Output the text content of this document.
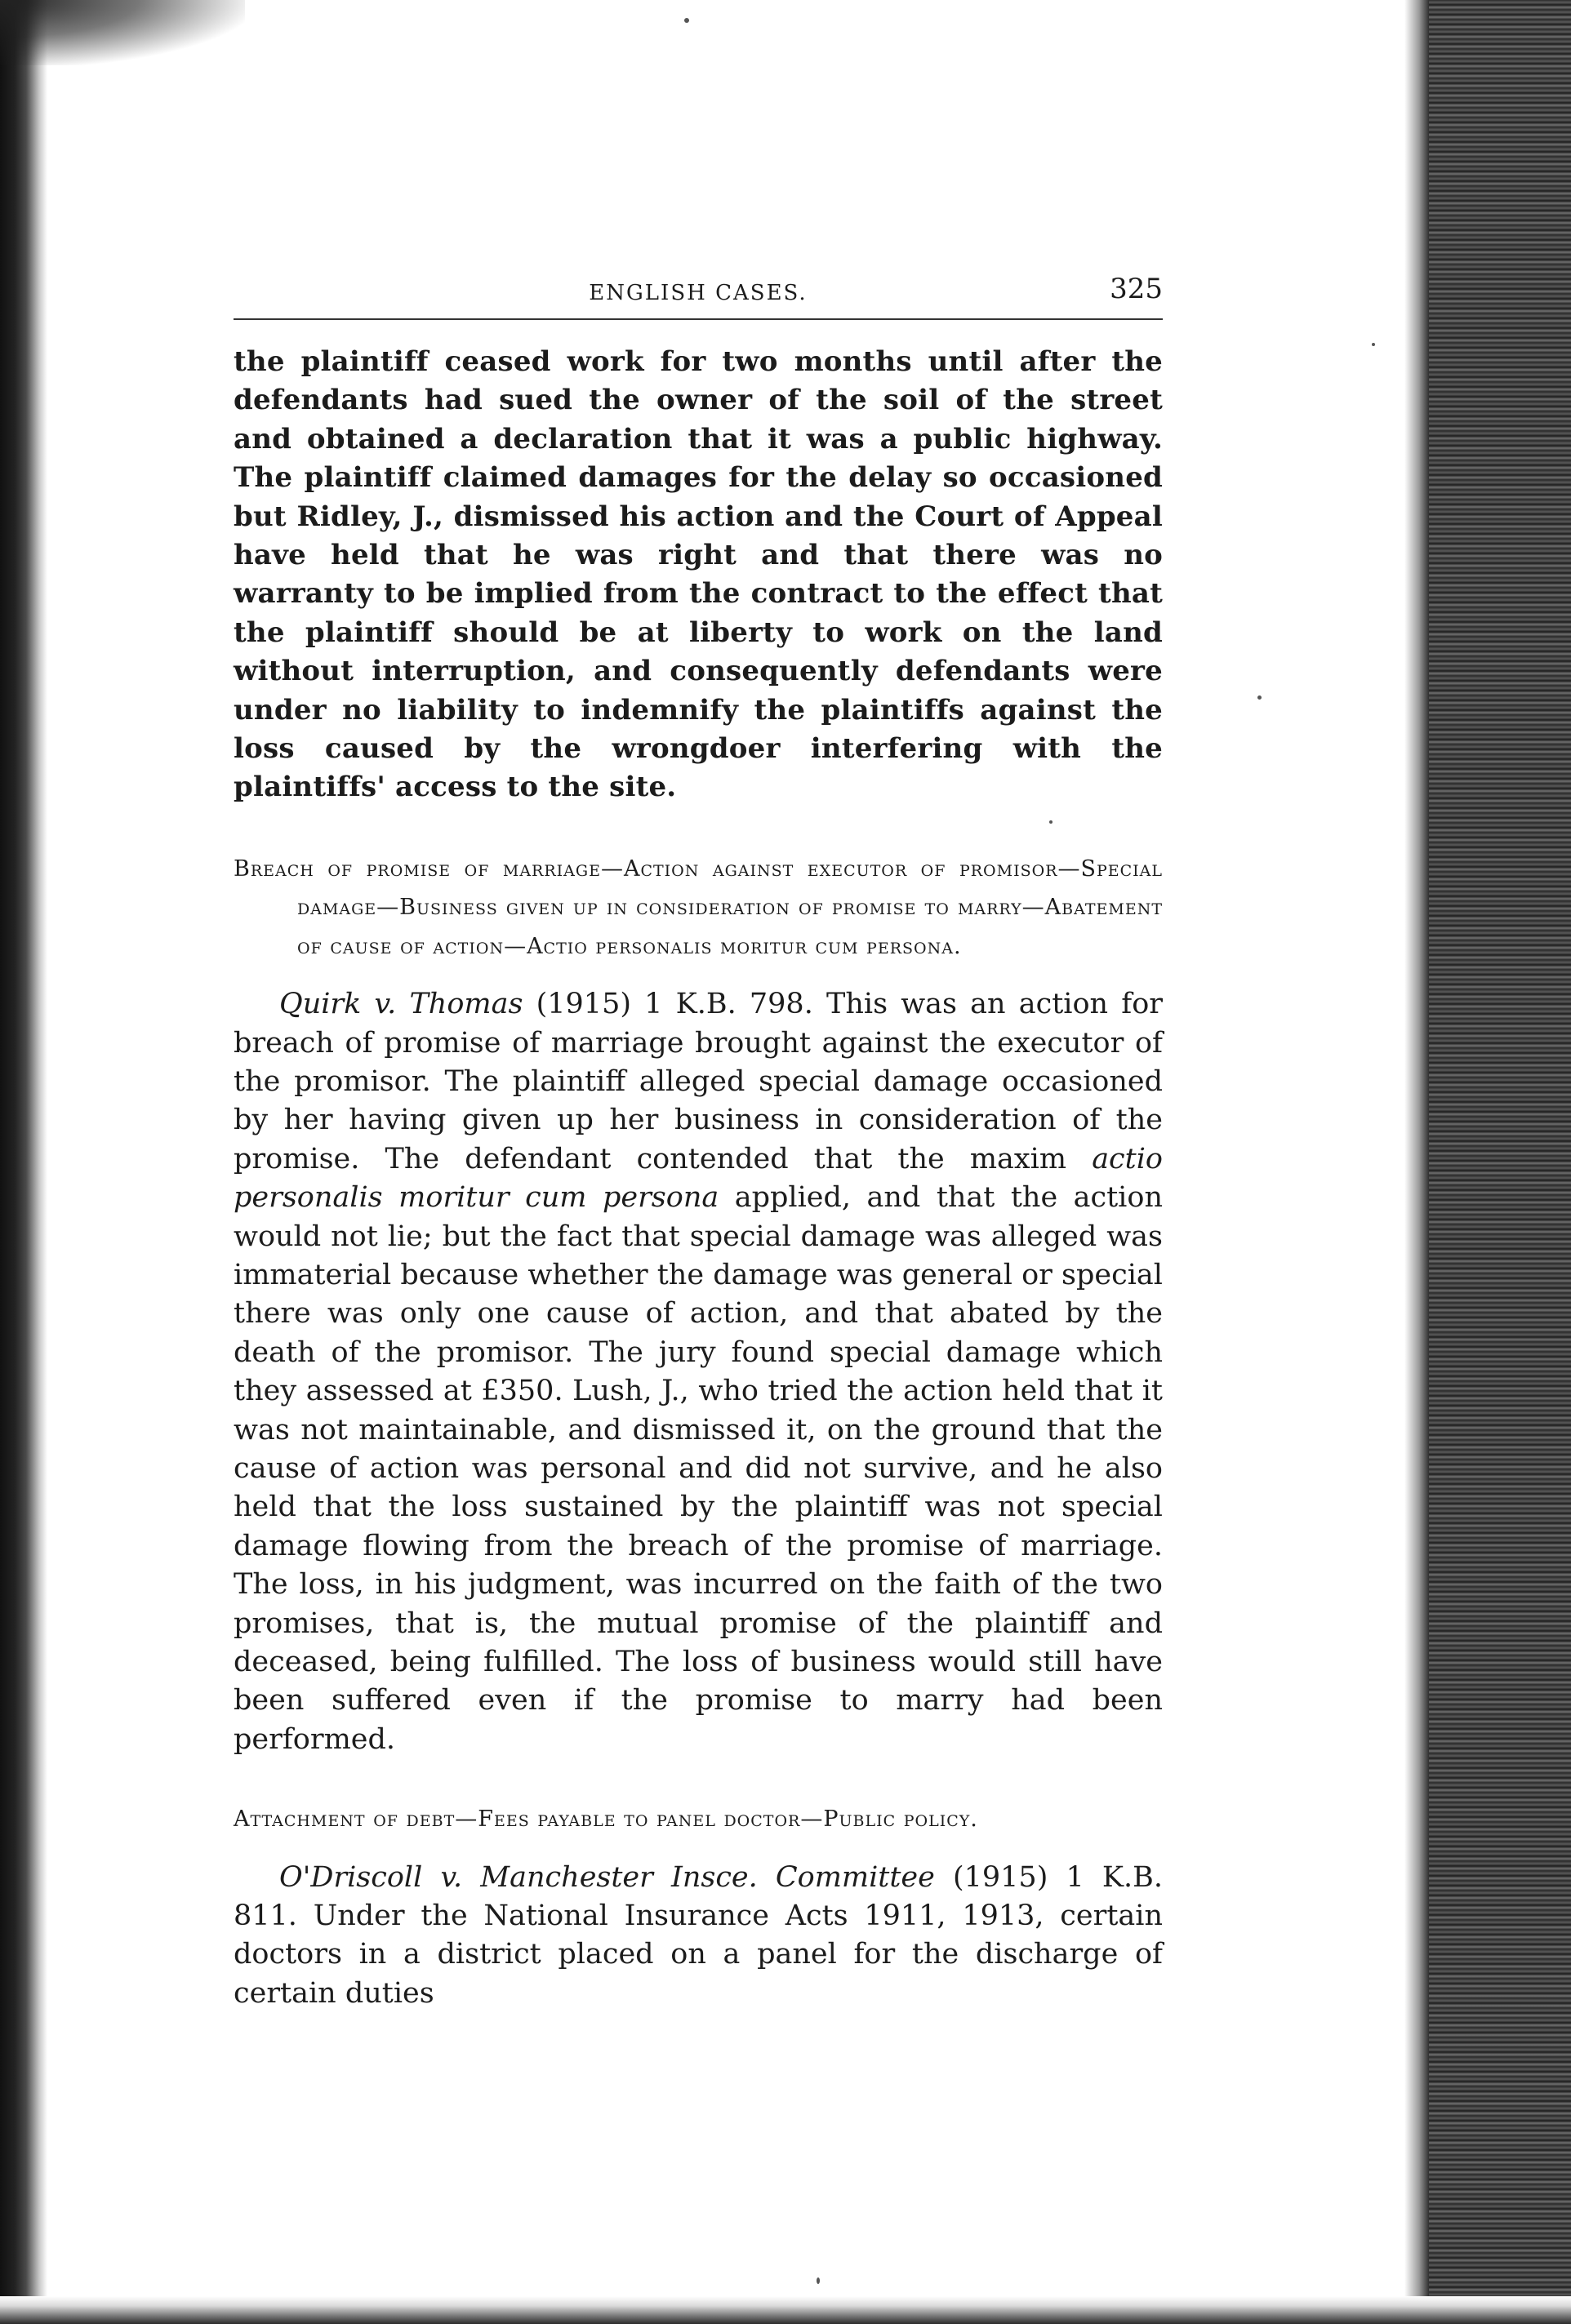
ENGLISH CASES.	325

the plaintiff ceased work for two months until after the defendants had sued the owner of the soil of the street and obtained a declaration that it was a public highway. The plaintiff claimed damages for the delay so occasioned but Ridley, J., dismissed his action and the Court of Appeal have held that he was right and that there was no warranty to be implied from the contract to the effect that the plaintiff should be at liberty to work on the land without interruption, and consequently defendants were under no liability to indemnify the plaintiffs against the loss caused by the wrongdoer interfering with the plaintiffs' access to the site.

Breach of promise of marriage—Action against executor of promisor—Special damage—Business given up in consideration of promise to marry—Abatement of cause of action—Actio personalis moritur cum persona.

Quirk v. Thomas (1915) 1 K.B. 798. This was an action for breach of promise of marriage brought against the executor of the promisor. The plaintiff alleged special damage occasioned by her having given up her business in consideration of the promise. The defendant contended that the maxim actio personalis moritur cum persona applied, and that the action would not lie; but the fact that special damage was alleged was immaterial because whether the damage was general or special there was only one cause of action, and that abated by the death of the promisor. The jury found special damage which they assessed at £350. Lush, J., who tried the action held that it was not maintainable, and dismissed it, on the ground that the cause of action was personal and did not survive, and he also held that the loss sustained by the plaintiff was not special damage flowing from the breach of the promise of marriage. The loss, in his judgment, was incurred on the faith of the two promises, that is, the mutual promise of the plaintiff and deceased, being fulfilled. The loss of business would still have been suffered even if the promise to marry had been performed.

Attachment of debt—Fees payable to panel doctor—Public policy.

O'Driscoll v. Manchester Insce. Committee (1915) 1 K.B. 811. Under the National Insurance Acts 1911, 1913, certain doctors in a district placed on a panel for the discharge of certain duties
